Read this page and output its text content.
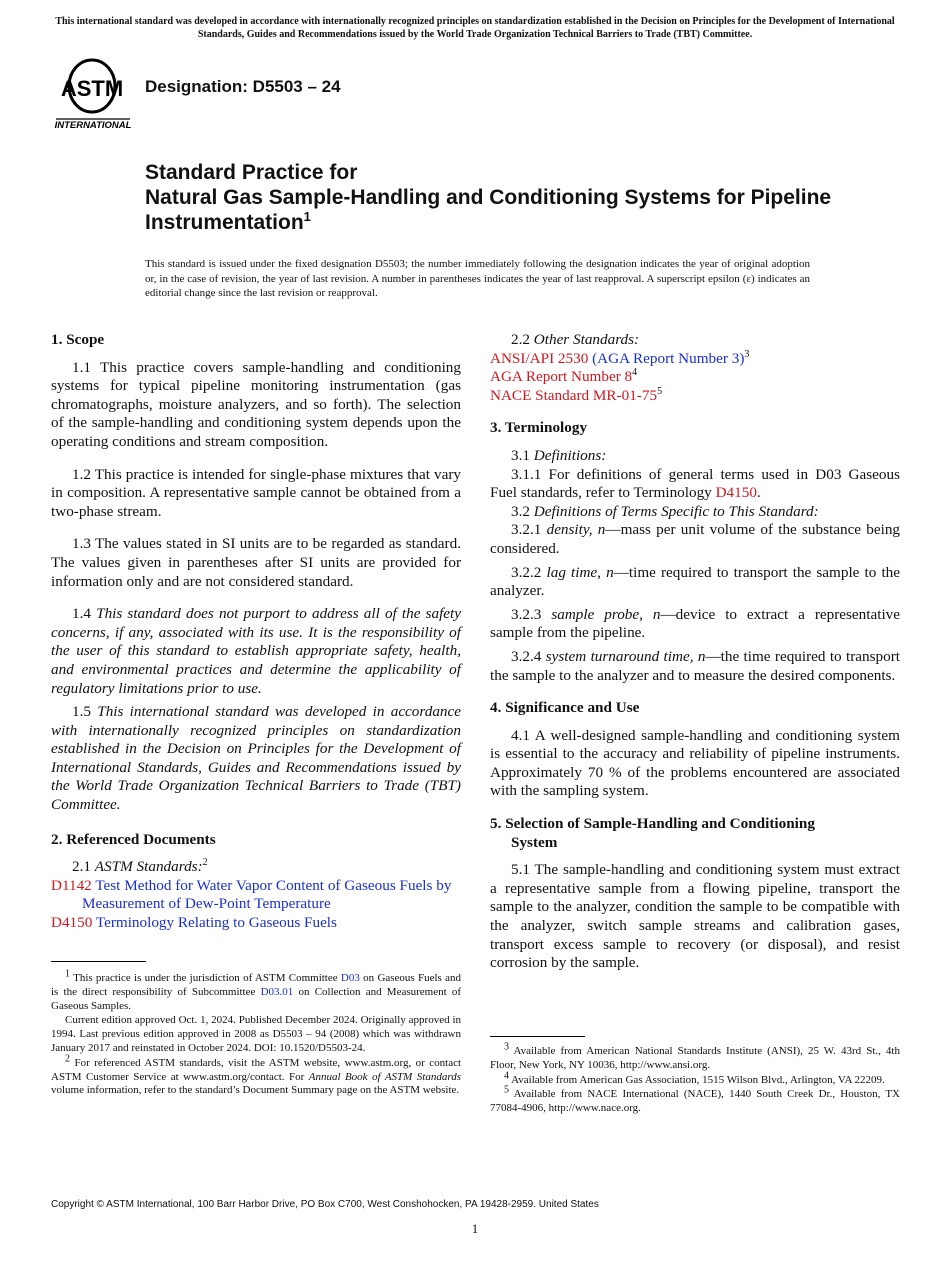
This international standard was developed in accordance with internationally recognized principles on standardization established in the Decision on Principles for the Development of International Standards, Guides and Recommendations issued by the World Trade Organization Technical Barriers to Trade (TBT) Committee.
ASTM
INTERNATIONAL
Designation: D5503 – 24
Standard Practice for
Natural Gas Sample-Handling and Conditioning Systems for Pipeline Instrumentation$^1$
This standard is issued under the fixed designation D5503; the number immediately following the designation indicates the year of original adoption or, in the case of revision, the year of last revision. A number in parentheses indicates the year of last reapproval. A superscript epsilon (ε) indicates an editorial change since the last revision or reapproval.
1. Scope

1.1 This practice covers sample-handling and conditioning systems for typical pipeline monitoring instrumentation (gas chromatographs, moisture analyzers, and so forth). The selection of the sample-handling and conditioning system depends upon the operating conditions and stream composition.

1.2 This practice is intended for single-phase mixtures that vary in composition. A representative sample cannot be obtained from a two-phase stream.

1.3 The values stated in SI units are to be regarded as standard. The values given in parentheses after SI units are provided for information only and are not considered standard.

1.4 This standard does not purport to address all of the safety concerns, if any, associated with its use. It is the responsibility of the user of this standard to establish appropriate safety, health, and environmental practices and determine the applicability of regulatory limitations prior to use.

1.5 This international standard was developed in accordance with internationally recognized principles on standardization established in the Decision on Principles for the Development of International Standards, Guides and Recommendations issued by the World Trade Organization Technical Barriers to Trade (TBT) Committee.

2. Referenced Documents

2.1 ASTM Standards:$^2$

D1142 Test Method for Water Vapor Content of Gaseous Fuels by Measurement of Dew-Point Temperature
D4150 Terminology Relating to Gaseous Fuels

$^1$ This practice is under the jurisdiction of ASTM Committee D03 on Gaseous Fuels and is the direct responsibility of Subcommittee D03.01 on Collection and Measurement of Gaseous Samples.

Current edition approved Oct. 1, 2024. Published December 2024. Originally approved in 1994. Last previous edition approved in 2008 as D5503 – 94 (2008) which was withdrawn January 2017 and reinstated in October 2024. DOI: 10.1520/D5503-24.

$^2$ For referenced ASTM standards, visit the ASTM website, www.astm.org, or contact ASTM Customer Service at www.astm.org/contact. For Annual Book of ASTM Standards volume information, refer to the standard’s Document Summary page on the ASTM website.

2.2 Other Standards:

ANSI/API 2530 (AGA Report Number 3)$^3$
AGA Report Number $8^4$
NACE Standard $MR-01-75^5$
3. Terminology

3.1 Definitions:

3.1.1 For definitions of general terms used in D03 Gaseous Fuel standards, refer to Terminology D4150.

3.2 Definitions of Terms Specific to This Standard:

3.2.1 density, n—mass per unit volume of the substance being considered.

3.2.2 lag time, n—time required to transport the sample to the analyzer.

3.2.3 sample probe, n—device to extract a representative sample from the pipeline.

3.2.4 system turnaround time, n—the time required to transport the sample to the analyzer and to measure the desired components.

4. Significance and Use

4.1 A well-designed sample-handling and conditioning system is essential to the accuracy and reliability of pipeline instruments. Approximately 70 % of the problems encountered are associated with the sampling system.

5. Selection of Sample-Handling and Conditioning
System

5.1 The sample-handling and conditioning system must extract a representative sample from a flowing pipeline, transport the sample to the analyzer, condition the sample to be compatible with the analyzer, switch sample streams and calibration gases, transport excess sample to recovery (or disposal), and resist corrosion by the sample.

$^3$ Available from American National Standards Institute (ANSI), 25 W. 43rd St., 4th Floor, New York, NY 10036, http://www.ansi.org.

$^4$ Available from American Gas Association, 1515 Wilson Blvd., Arlington, VA 22209.

$^5$ Available from NACE International (NACE), 1440 South Creek Dr., Houston, TX 77084-4906, http://www.nace.org.

Copyright © ASTM International, 100 Barr Harbor Drive, PO Box C700, West Conshohocken, PA 19428-2959. United States
1
